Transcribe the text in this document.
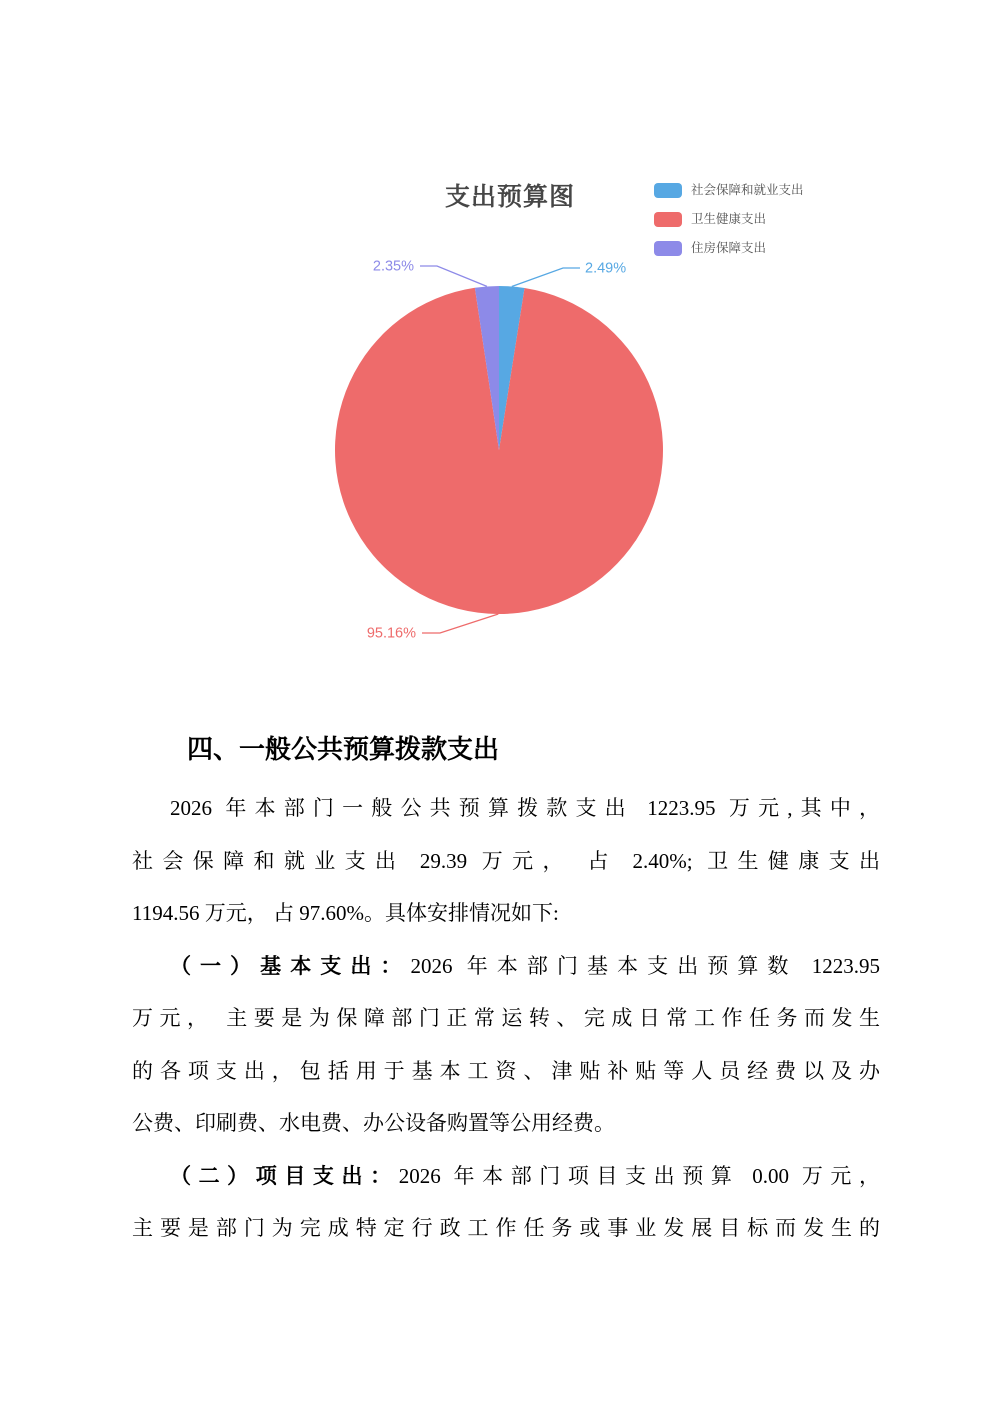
2.49%
2.35%
95.16%
支出预算图	社会保障和就业支出
卫生健康支出
住房保障支出
四、一般公共预算拨款支出
2026 年本部门一般公共预算拨款支出 1223.95 万元,其中，
社会保障和就业支出 29.39 万元， 占 2.40%; 卫生健康支出
1194.56 万元， 占 97.60%。具体安排情况如下:
（一）基本支出：2026 年本部门基本支出预算数 1223.95
万元， 主要是为保障部门正常运转、完成日常工作任务而发生
的各项支出，包括用于基本工资、津贴补贴等人员经费以及办
公费、印刷费、水电费、办公设备购置等公用经费。
（二）项目支出：2026 年本部门项目支出预算 0.00 万元，
主要是部门为完成特定行政工作任务或事业发展目标而发生的
